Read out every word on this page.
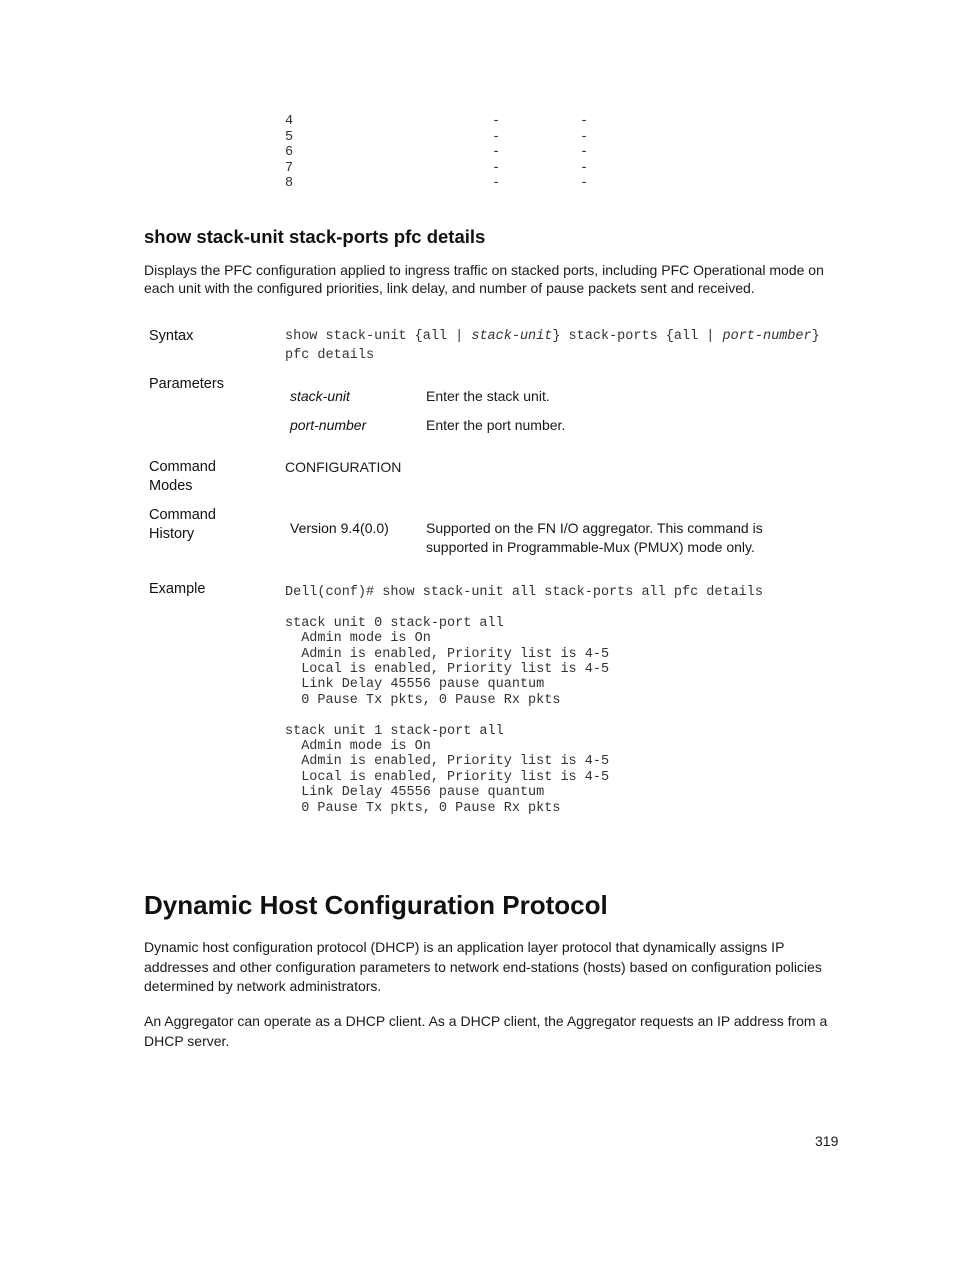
4	-	-
5	-	-
6	-	-
7	-	-
8	-	-
show stack-unit stack-ports pfc details
Displays the PFC configuration applied to ingress traffic on stacked ports, including PFC Operational mode on each unit with the configured priorities, link delay, and number of pause packets sent and received.
Syntax	show stack-unit {all | stack-unit} stack-ports {all | port-number} pfc details
Parameters
stack-unit	Enter the stack unit.
port-number	Enter the port number.
Command
Modes
CONFIGURATION
Command
History	Version 9.4(0.0)	Supported on the FN I/O aggregator. This command is supported in Programmable-Mux (PMUX) mode only.
Example	Dell(conf)# show stack-unit all stack-ports all pfc details

stack unit 0 stack-port all
Admin mode is On
Admin is enabled, Priority list is 4-5
Local is enabled, Priority list is 4-5
Link Delay 45556 pause quantum
0 Pause Tx pkts, 0 Pause Rx pkts

stack unit 1 stack-port all
Admin mode is On
Admin is enabled, Priority list is 4-5
Local is enabled, Priority list is 4-5
Link Delay 45556 pause quantum
0 Pause Tx pkts, 0 Pause Rx pkts
Dynamic Host Configuration Protocol
Dynamic host configuration protocol (DHCP) is an application layer protocol that dynamically assigns IP addresses and other configuration parameters to network end-stations (hosts) based on configuration policies determined by network administrators.
An Aggregator can operate as a DHCP client. As a DHCP client, the Aggregator requests an IP address from a DHCP server.
319
